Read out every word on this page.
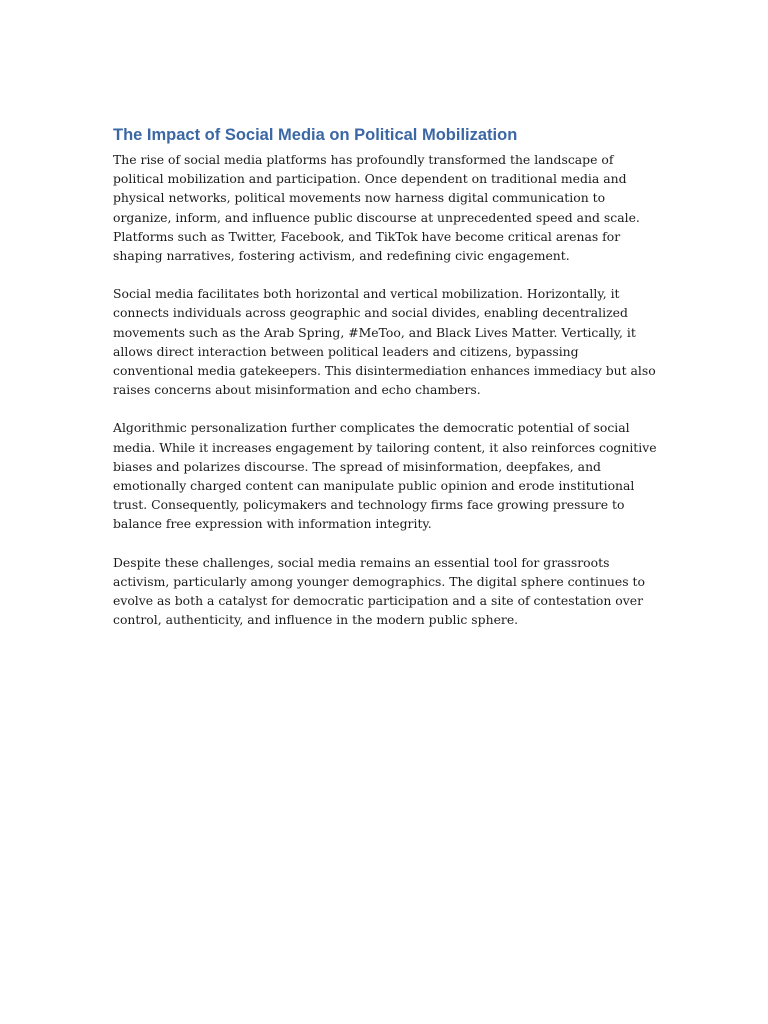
The Impact of Social Media on Political Mobilization

The rise of social media platforms has profoundly transformed the landscape of political mobilization and participation. Once dependent on traditional media and physical networks, political movements now harness digital communication to organize, inform, and influence public discourse at unprecedented speed and scale. Platforms such as Twitter, Facebook, and TikTok have become critical arenas for shaping narratives, fostering activism, and redefining civic engagement.

Social media facilitates both horizontal and vertical mobilization. Horizontally, it connects individuals across geographic and social divides, enabling decentralized movements such as the Arab Spring, #MeToo, and Black Lives Matter. Vertically, it allows direct interaction between political leaders and citizens, bypassing conventional media gatekeepers. This disintermediation enhances immediacy but also raises concerns about misinformation and echo chambers.

Algorithmic personalization further complicates the democratic potential of social media. While it increases engagement by tailoring content, it also reinforces cognitive biases and polarizes discourse. The spread of misinformation, deepfakes, and emotionally charged content can manipulate public opinion and erode institutional trust. Consequently, policymakers and technology firms face growing pressure to balance free expression with information integrity.

Despite these challenges, social media remains an essential tool for grassroots activism, particularly among younger demographics. The digital sphere continues to evolve as both a catalyst for democratic participation and a site of contestation over control, authenticity, and influence in the modern public sphere.
